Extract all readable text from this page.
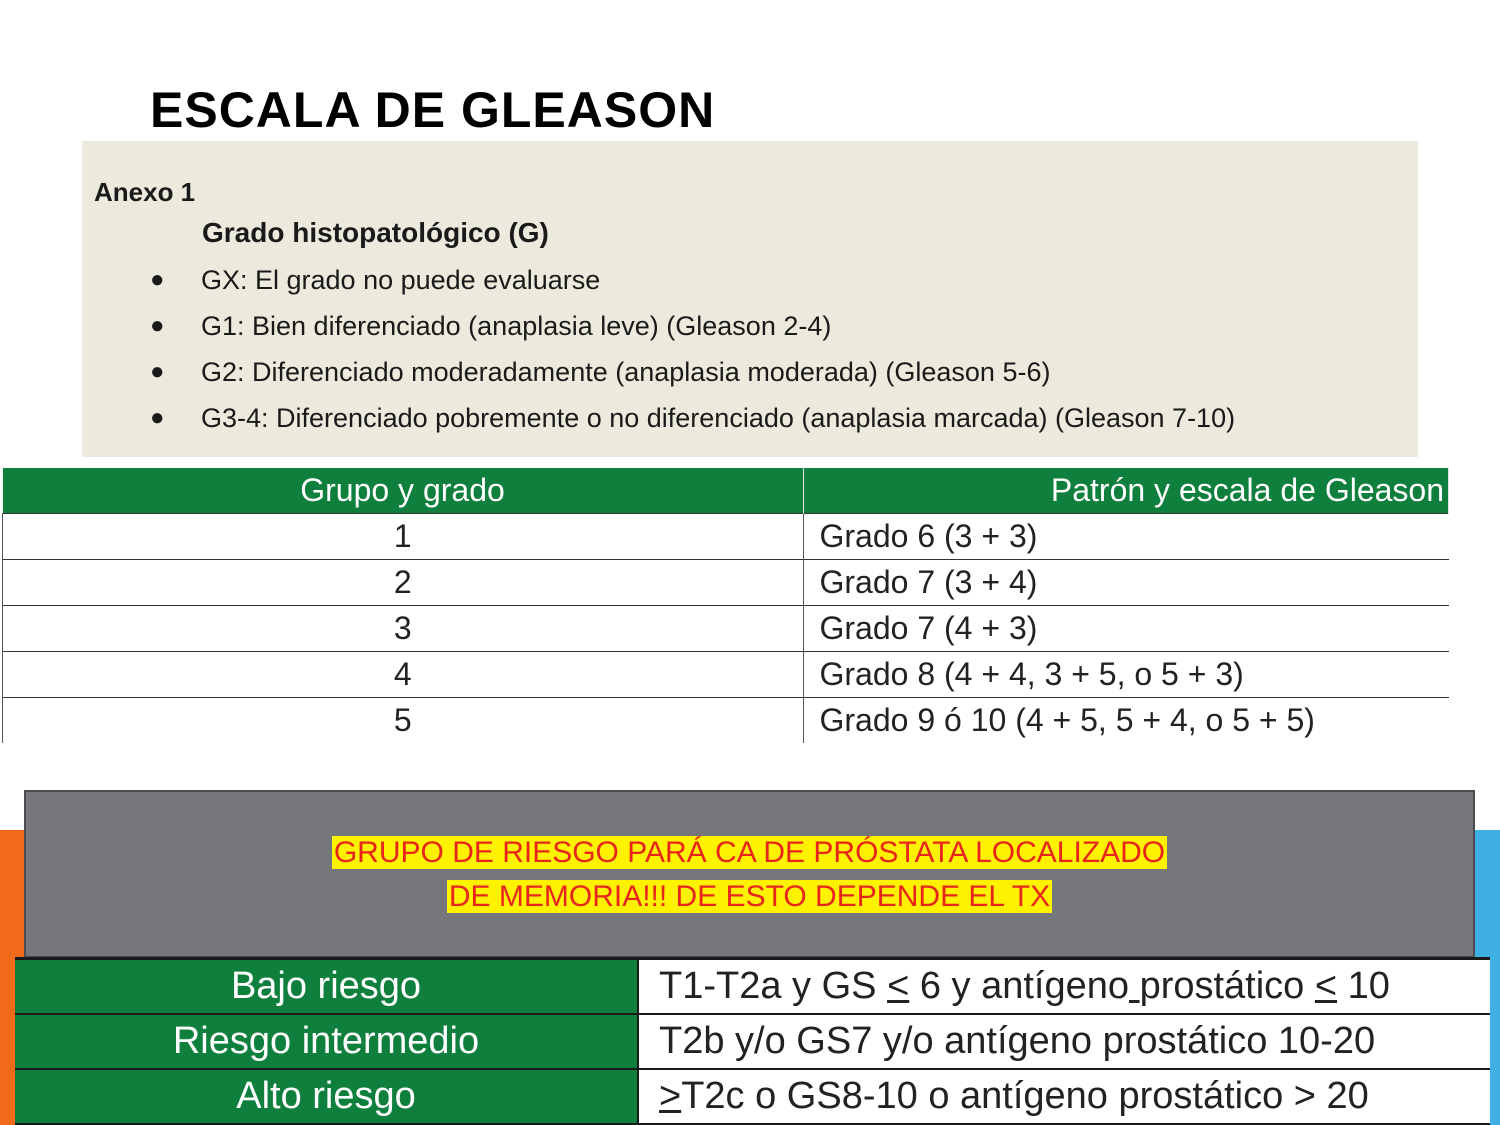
ESCALA DE GLEASON
Anexo 1
Grado histopatológico (G)
● GX: El grado no puede evaluarse
● G1: Bien diferenciado (anaplasia leve) (Gleason 2-4)
● G2: Diferenciado moderadamente (anaplasia moderada) (Gleason 5-6)
● G3-4: Diferenciado pobremente o no diferenciado (anaplasia marcada) (Gleason 7-10)
Grupo y grado	Patrón y escala de Gleason
1	Grado 6 (3 + 3)
2	Grado 7 (3 + 4)
3	Grado 7 (4 + 3)
4	Grado 8 (4 + 4, 3 + 5, o 5 + 3)
5	Grado 9 ó 10 (4 + 5, 5 + 4, o 5 + 5)
GRUPO DE RIESGO PARÁ CA DE PRÓSTATA LOCALIZADO
DE MEMORIA!!! DE ESTO DEPENDE EL TX
Bajo riesgo	T1-T2a y GS < 6 y antígeno prostático < 10
Riesgo intermedio	T2b y/o GS7 y/o antígeno prostático 10-20
Alto riesgo	>T2c o GS8-10 o antígeno prostático > 20
